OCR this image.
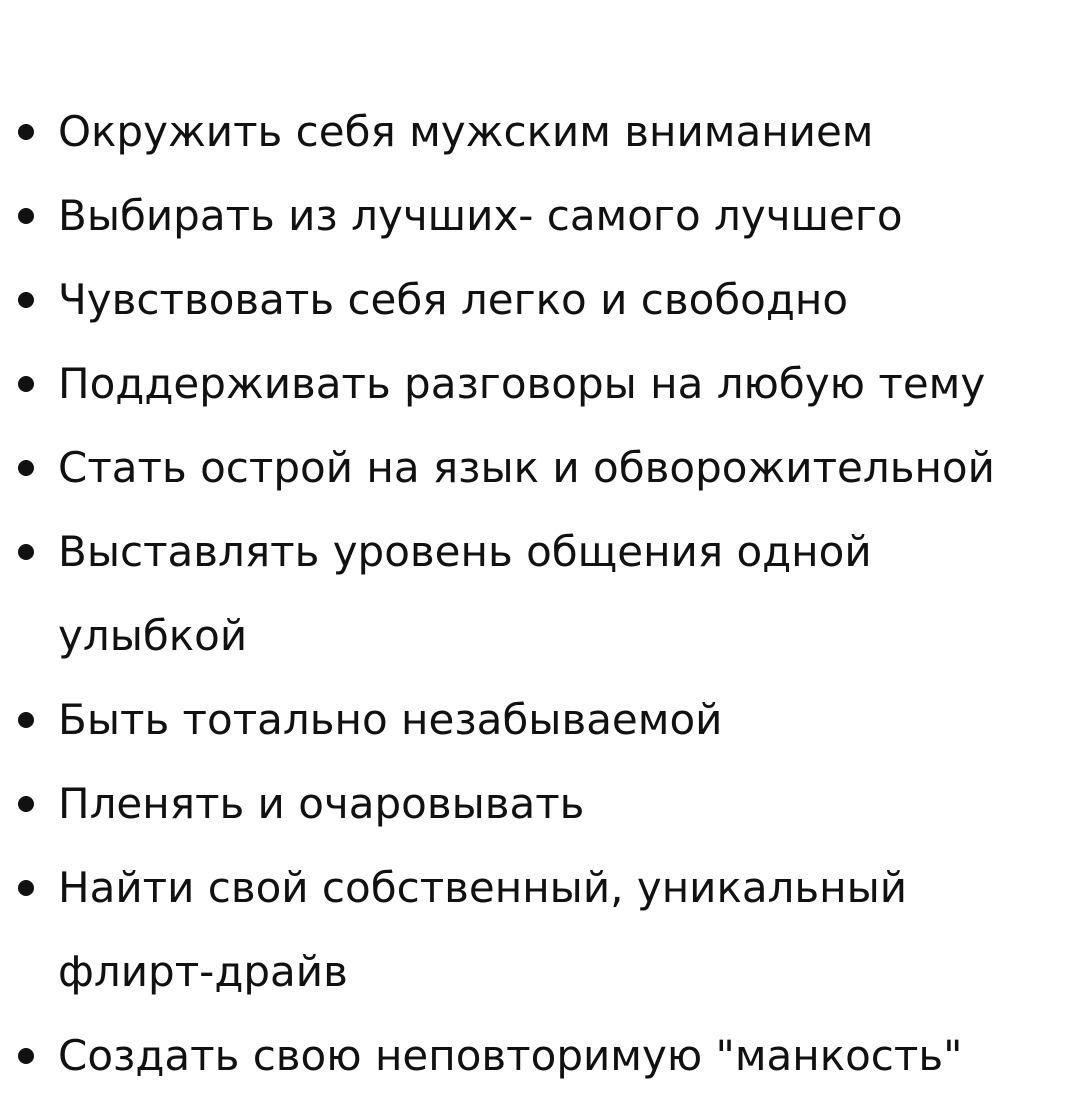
Окружить себя мужским вниманием
Выбирать из лучших- самого лучшего
Чувствовать себя легко и свободно
Поддерживать разговоры на любую тему
Стать острой на язык и обворожительной
Выставлять уровень общения одной улыбкой
Быть тотально незабываемой
Пленять и очаровывать
Найти свой собственный, уникальный флирт-драйв
Создать свою неповторимую "манкость"
